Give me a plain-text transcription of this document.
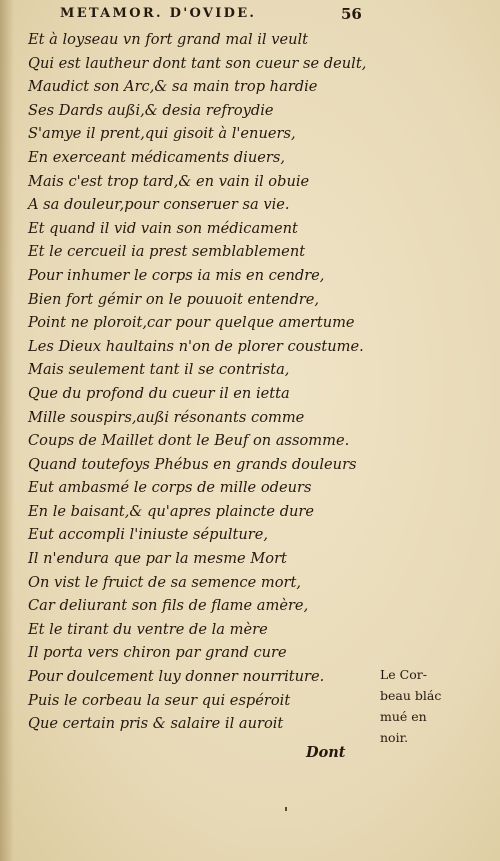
METAMOR. D'OVIDE.	56
Et à loyseau vn fort grand mal il veult
Qui est lautheur dont tant son cueur se deult,
Maudict son Arc,& sa main trop hardie
Ses Dards außi,& desia refroydie
S'amye il prent,qui gisoit à l'enuers,
En exerceant médicaments diuers,
Mais c'est trop tard,& en vain il obuie
A sa douleur,pour conseruer sa vie.
Et quand il vid vain son médicament
Et le cercueil ia prest semblablement
Pour inhumer le corps ia mis en cendre,
Bien fort gémir on le pouuoit entendre,
Point ne ploroit,car pour quelque amertume
Les Dieux haultains n'on de plorer coustume.
Mais seulement tant il se contrista,
Que du profond du cueur il en ietta
Mille souspirs,außi résonants comme
Coups de Maillet dont le Beuf on assomme.
Quand toutefoys Phébus en grands douleurs
Eut ambasmé le corps de mille odeurs
En le baisant,& qu'apres plaincte dure
Eut accompli l'iniuste sépulture,
Il n'endura que par la mesme Mort
On vist le fruict de sa semence mort,
Car deliurant son fils de flame amère,
Et le tirant du ventre de la mère
Il porta vers chiron par grand cure
Pour doulcement luy donner nourriture.
Puis le corbeau la seur qui espéroit
Que certain pris & salaire il auroit
Le Cor-
beau blác
mué en
noir.
Dont
